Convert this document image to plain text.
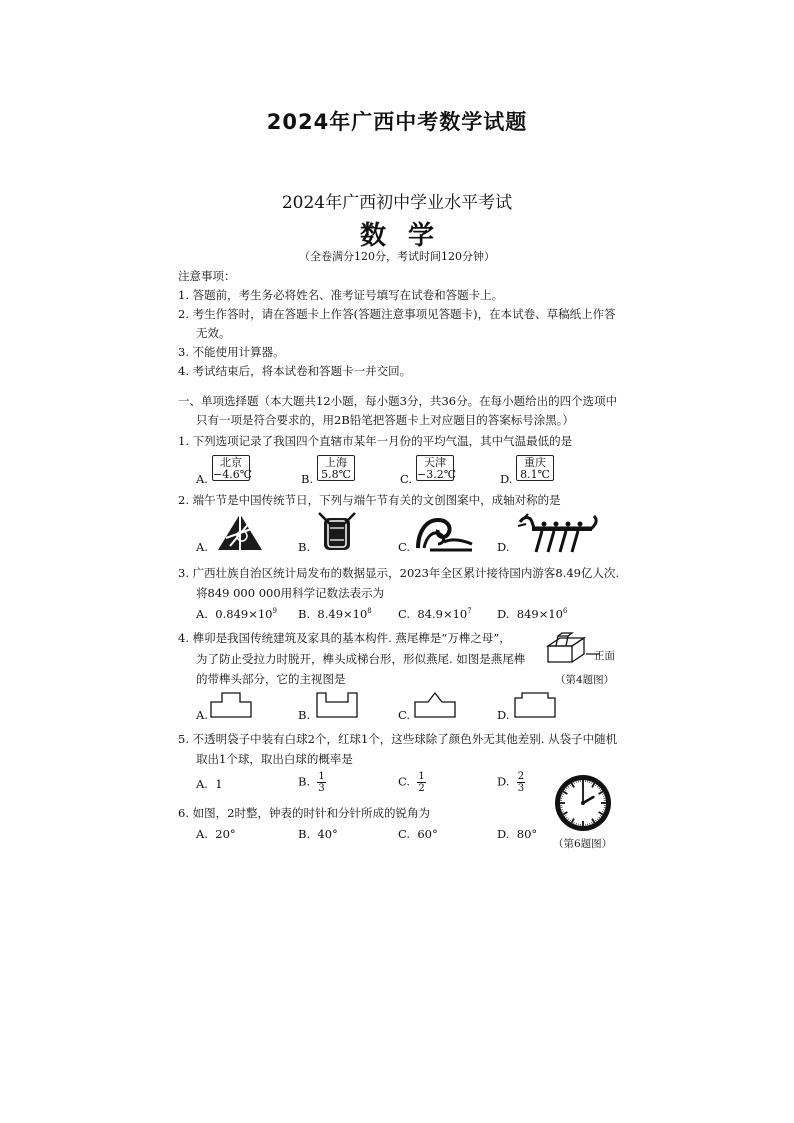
2024年广西中考数学试题
2024年广西初中学业水平考试
数学
（全卷满分120分，考试时间120分钟）
注意事项：
1. 答题前，考生务必将姓名、准考证号填写在试卷和答题卡上。
2. 考生作答时，请在答题卡上作答(答题注意事项见答题卡)，在本试卷、草稿纸上作答
无效。
3. 不能使用计算器。
4. 考试结束后，将本试卷和答题卡一并交回。
一、单项选择题（本大题共12小题，每小题3分，共36分。在每小题给出的四个选项中
只有一项是符合要求的，用2B铅笔把答题卡上对应题目的答案标号涂黑。）
1. 下列选项记录了我国四个直辖市某年一月份的平均气温，其中气温最低的是
A.
北京
−4.6℃	B.
上海
5.8℃	C.
天津
−3.2℃	D.
重庆
8.1℃
2. 端午节是中国传统节日，下列与端午节有关的文创图案中，成轴对称的是
A.	B.	C.	D.
3. 广西壮族自治区统计局发布的数据显示，2023年全区累计接待国内游客8.49亿人次.
将849 000 000用科学记数法表示为
A. $0.849\times 10^9$ B. $8.49\times 10^8$ C. $84.9\times 10^7$ D. $849\times 10^6$
4. 榫卯是我国传统建筑及家具的基本构件. 燕尾榫是“万榫之母”，
为了防止受拉力时脱开，榫头成梯台形，形似燕尾. 如图是燕尾榫
的带榫头部分，它的主视图是
正面
（第4题图）
A.	B.	C.	D.
5. 不透明袋子中装有白球2个，红球1个，这些球除了颜色外无其他差别. 从袋子中随机
取出1个球，取出白球的概率是
A. 1	B. $\frac{1}{3}$	C. $\frac{1}{2}$	D. $\frac{2}{3}$
（第6题图）
6. 如图，2时整，钟表的时针和分针所成的锐角为
A. 20°	B. 40°	C. 60°	D. 80°
